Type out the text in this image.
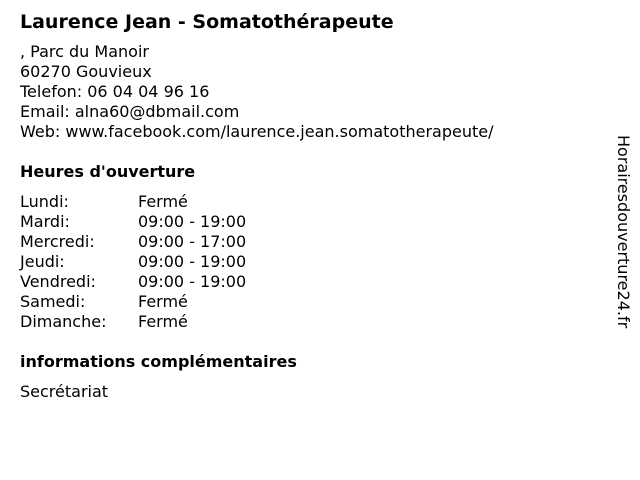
Laurence Jean - Somatothérapeute
, Parc du Manoir
60270 Gouvieux
Telefon: 06 04 04 96 16
Email: alna60@dbmail.com
Web: www.facebook.com/laurence.jean.somatotherapeute/
Heures d'ouverture
Lundi:	Fermé
Mardi:	09:00 - 19:00
Mercredi:	09:00 - 17:00
Jeudi:	09:00 - 19:00
Vendredi:	09:00 - 19:00
Samedi:	Fermé
Dimanche:	Fermé
informations complémentaires
Secrétariat
Horairesdouverture24.fr
